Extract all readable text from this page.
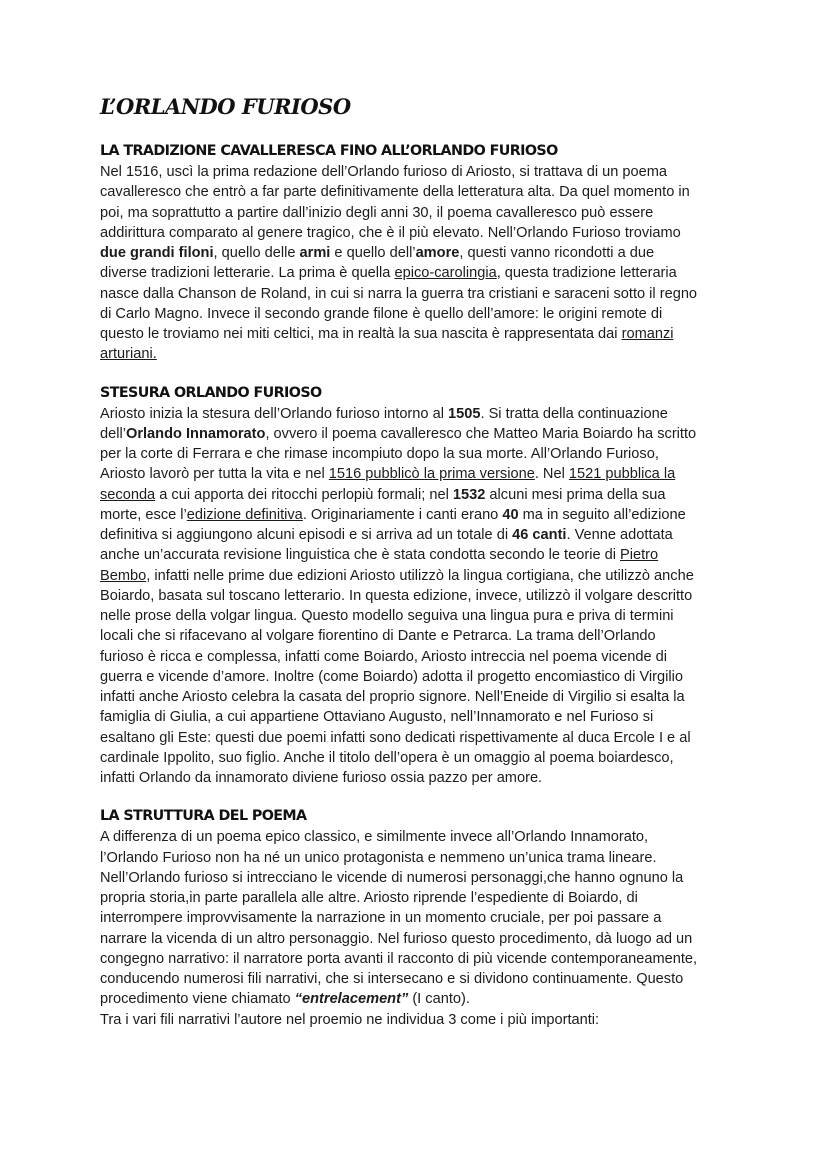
L’ORLANDO FURIOSO
LA TRADIZIONE CAVALLERESCA FINO ALL’ORLANDO FURIOSO
Nel 1516, uscì la prima redazione dell’Orlando furioso di Ariosto, si trattava di un poema
cavalleresco che entrò a far parte definitivamente della letteratura alta. Da quel momento in
poi, ma soprattutto a partire dall’inizio degli anni 30, il poema cavalleresco può essere
addirittura comparato al genere tragico, che è il più elevato. Nell’Orlando Furioso troviamo
due grandi filoni, quello delle armi e quello dell’amore, questi vanno ricondotti a due
diverse tradizioni letterarie. La prima è quella epico-carolingia, questa tradizione letteraria
nasce dalla Chanson de Roland, in cui si narra la guerra tra cristiani e saraceni sotto il regno
di Carlo Magno. Invece il secondo grande filone è quello dell’amore: le origini remote di
questo le troviamo nei miti celtici, ma in realtà la sua nascita è rappresentata dai romanzi
arturiani.
STESURA ORLANDO FURIOSO
Ariosto inizia la stesura dell’Orlando furioso intorno al 1505. Si tratta della continuazione
dell’Orlando Innamorato, ovvero il poema cavalleresco che Matteo Maria Boiardo ha scritto
per la corte di Ferrara e che rimase incompiuto dopo la sua morte. All’Orlando Furioso,
Ariosto lavorò per tutta la vita e nel 1516 pubblicò la prima versione. Nel 1521 pubblica la
seconda a cui apporta dei ritocchi perlopiù formali; nel 1532 alcuni mesi prima della sua
morte, esce l’edizione definitiva. Originariamente i canti erano 40 ma in seguito all’edizione
definitiva si aggiungono alcuni episodi e si arriva ad un totale di 46 canti. Venne adottata
anche un’accurata revisione linguistica che è stata condotta secondo le teorie di Pietro
Bembo, infatti nelle prime due edizioni Ariosto utilizzò la lingua cortigiana, che utilizzò anche
Boiardo, basata sul toscano letterario. In questa edizione, invece, utilizzò il volgare descritto
nelle prose della volgar lingua. Questo modello seguiva una lingua pura e priva di termini
locali che si rifacevano al volgare fiorentino di Dante e Petrarca. La trama dell’Orlando
furioso è ricca e complessa, infatti come Boiardo, Ariosto intreccia nel poema vicende di
guerra e vicende d’amore. Inoltre (come Boiardo) adotta il progetto encomiastico di Virgilio
infatti anche Ariosto celebra la casata del proprio signore. Nell’Eneide di Virgilio si esalta la
famiglia di Giulia, a cui appartiene Ottaviano Augusto, nell’Innamorato e nel Furioso si
esaltano gli Este: questi due poemi infatti sono dedicati rispettivamente al duca Ercole I e al
cardinale Ippolito, suo figlio. Anche il titolo dell’opera è un omaggio al poema boiardesco,
infatti Orlando da innamorato diviene furioso ossia pazzo per amore.
LA STRUTTURA DEL POEMA
A differenza di un poema epico classico, e similmente invece all’Orlando Innamorato,
l’Orlando Furioso non ha né un unico protagonista e nemmeno un’unica trama lineare.
Nell’Orlando furioso si intrecciano le vicende di numerosi personaggi,che hanno ognuno la
propria storia,in parte parallela alle altre. Ariosto riprende l’espediente di Boiardo, di
interrompere improvvisamente la narrazione in un momento cruciale, per poi passare a
narrare la vicenda di un altro personaggio. Nel furioso questo procedimento, dà luogo ad un
congegno narrativo: il narratore porta avanti il racconto di più vicende contemporaneamente,
conducendo numerosi fili narrativi, che si intersecano e si dividono continuamente. Questo
procedimento viene chiamato “entrelacement” (I canto).
Tra i vari fili narrativi l’autore nel proemio ne individua 3 come i più importanti:
